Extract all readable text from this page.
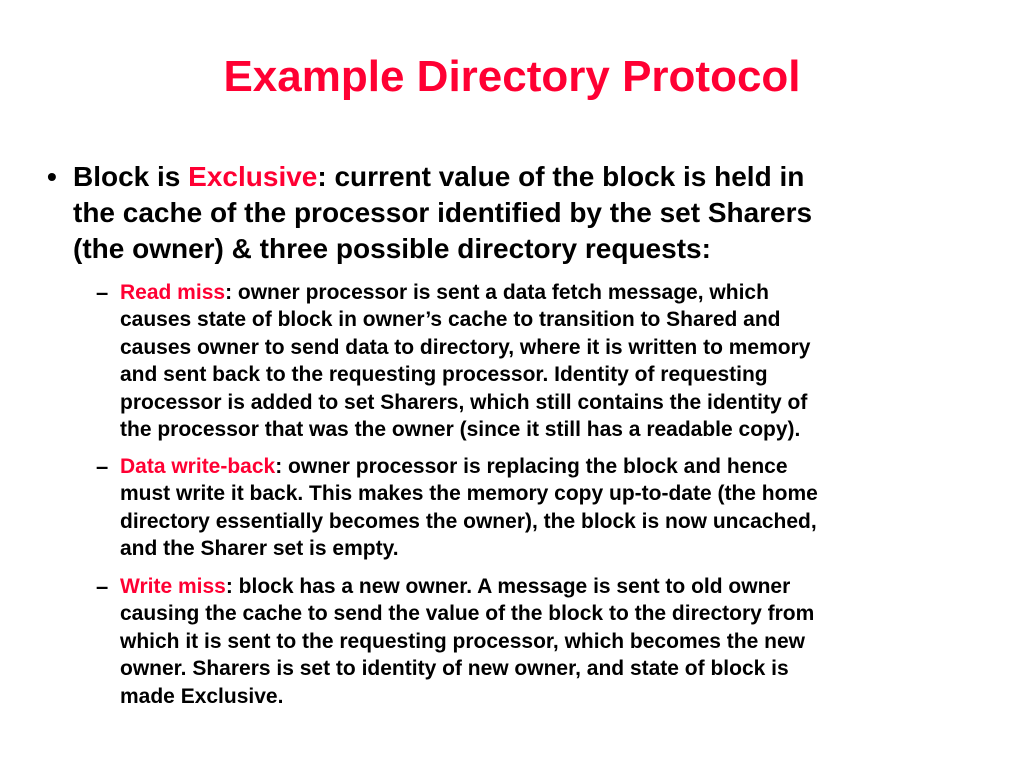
Example Directory Protocol
• Block is Exclusive: current value of the block is held in
the cache of the processor identified by the set Sharers
(the owner) & three possible directory requests:
– Read miss: owner processor is sent a data fetch message, which
causes state of block in owner’s cache to transition to Shared and
causes owner to send data to directory, where it is written to memory
and sent back to the requesting processor. Identity of requesting
processor is added to set Sharers, which still contains the identity of
the processor that was the owner (since it still has a readable copy).
– Data write-back: owner processor is replacing the block and hence
must write it back. This makes the memory copy up-to-date (the home
directory essentially becomes the owner), the block is now uncached,
and the Sharer set is empty.
– Write miss: block has a new owner. A message is sent to old owner
causing the cache to send the value of the block to the directory from
which it is sent to the requesting processor, which becomes the new
owner. Sharers is set to identity of new owner, and state of block is
made Exclusive.
